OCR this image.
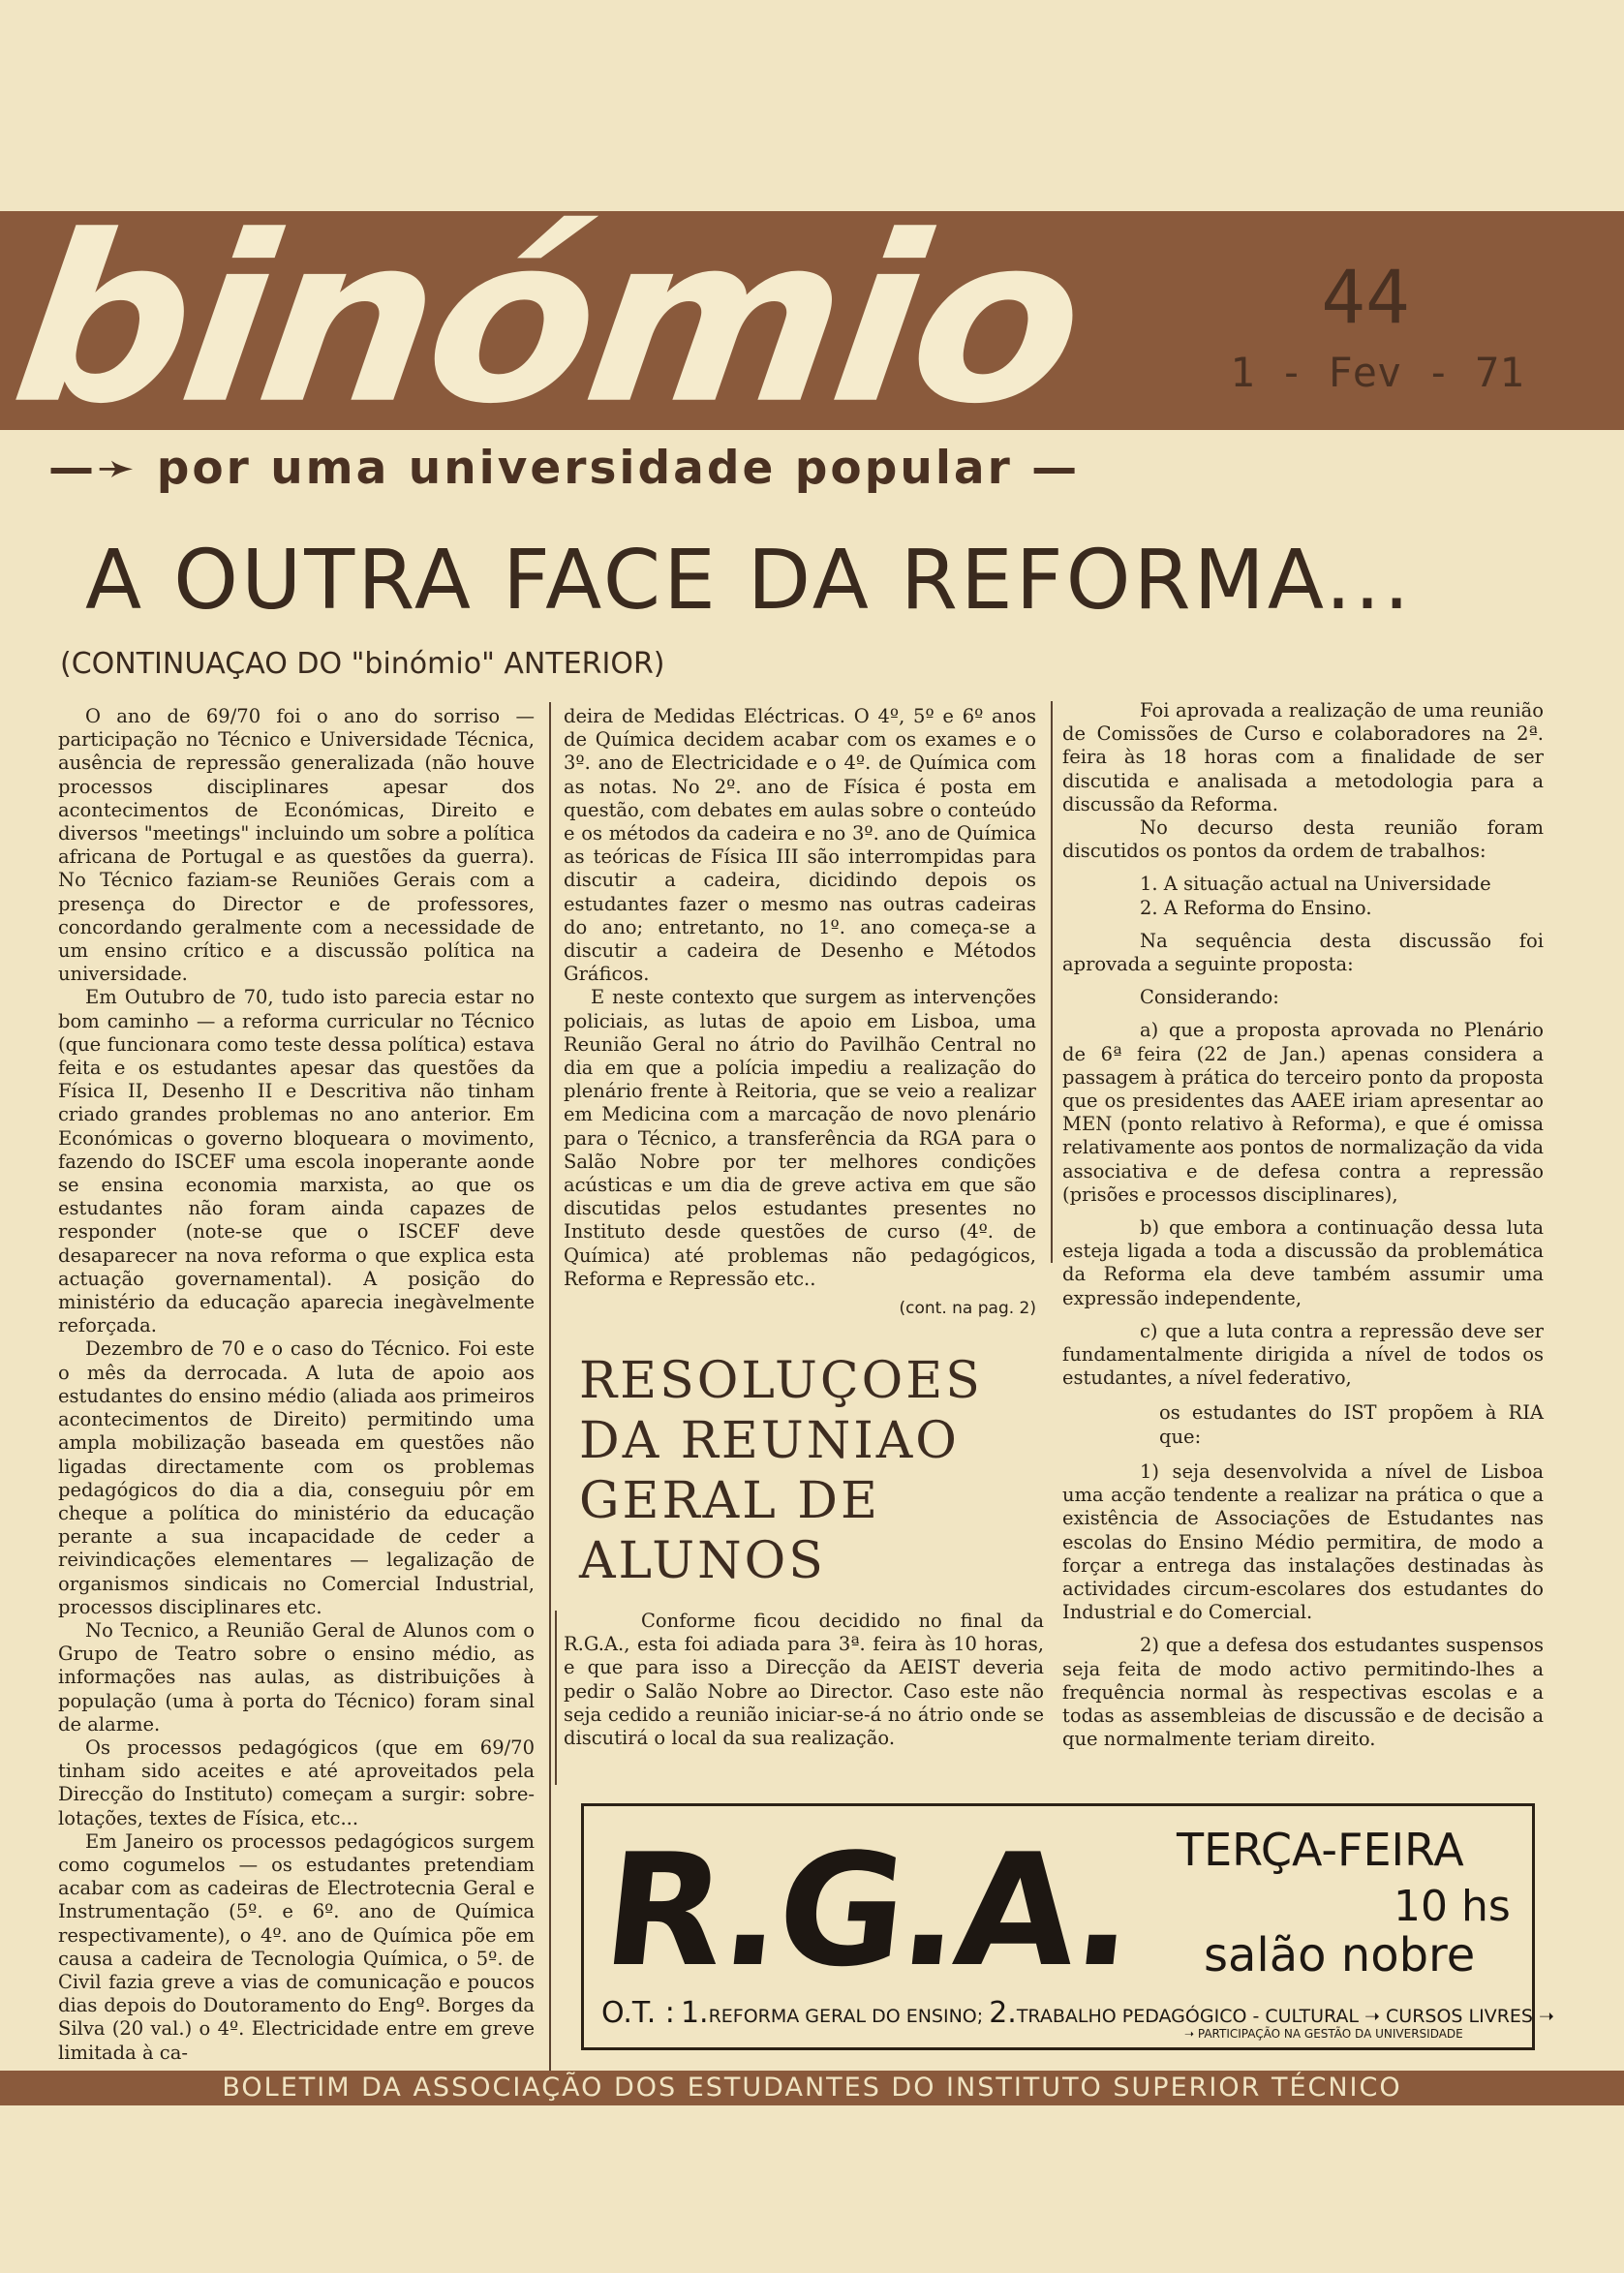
binómio	44
1 - Fev - 71
—➛ por uma universidade popular —
A OUTRA FACE DA REFORMA...
(CONTINUAÇAO DO "binómio" ANTERIOR)

O ano de 69/70 foi o ano do sorriso — participação no Técnico e Universidade Técnica, ausência de repressão generalizada (não houve processos disciplinares apesar dos acontecimentos de Económicas, Direito e diversos "meetings" incluindo um sobre a política africana de Portugal e as questões da guerra). No Técnico faziam-se Reuniões Gerais com a presença do Director e de professores, concordando geralmente com a necessidade de um ensino crítico e a discussão política na universidade.

Em Outubro de 70, tudo isto parecia estar no bom caminho — a reforma curricular no Técnico (que funcionara como teste dessa política) estava feita e os estudantes apesar das questões da Física II, Desenho II e Descritiva não tinham criado grandes problemas no ano anterior. Em Económicas o governo bloqueara o movimento, fazendo do ISCEF uma escola inoperante aonde se ensina economia marxista, ao que os estudantes não foram ainda capazes de responder (note-se que o ISCEF deve desaparecer na nova reforma o que explica esta actuação governamental). A posição do ministério da educação aparecia inegàvelmente reforçada.

Dezembro de 70 e o caso do Técnico. Foi este o mês da derrocada. A luta de apoio aos estudantes do ensino médio (aliada aos primeiros acontecimentos de Direito) permitindo uma ampla mobilização baseada em questões não ligadas directamente com os problemas pedagógicos do dia a dia, conseguiu pôr em cheque a política do ministério da educação perante a sua incapacidade de ceder a reivindicações elementares — legalização de organismos sindicais no Comercial Industrial, processos disciplinares etc.

No Tecnico, a Reunião Geral de Alunos com o Grupo de Teatro sobre o ensino médio, as informações nas aulas, as distribuições à população (uma à porta do Técnico) foram sinal de alarme.

Os processos pedagógicos (que em 69/70 tinham sido aceites e até aproveitados pela Direcção do Instituto) começam a surgir: sobre-lotações, textes de Física, etc...

Em Janeiro os processos pedagógicos surgem como cogumelos — os estudantes pretendiam acabar com as cadeiras de Electrotecnia Geral e Instrumentação (5º. e 6º. ano de Química respectivamente), o 4º. ano de Química põe em causa a cadeira de Tecnologia Química, o 5º. de Civil fazia greve a vias de comunicação e poucos dias depois do Doutoramento do Engº. Borges da Silva (20 val.) o 4º. Electricidade entre em greve limitada à ca-

deira de Medidas Eléctricas. O 4º, 5º e 6º anos de Química decidem acabar com os exames e o 3º. ano de Electricidade e o 4º. de Química com as notas. No 2º. ano de Física é posta em questão, com debates em aulas sobre o conteúdo e os métodos da cadeira e no 3º. ano de Química as teóricas de Física III são interrompidas para discutir a cadeira, dicidindo depois os estudantes fazer o mesmo nas outras cadeiras do ano; entretanto, no 1º. ano começa-se a discutir a cadeira de Desenho e Métodos Gráficos.

E neste contexto que surgem as intervenções policiais, as lutas de apoio em Lisboa, uma Reunião Geral no átrio do Pavilhão Central no dia em que a polícia impediu a realização do plenário frente à Reitoria, que se veio a realizar em Medicina com a marcação de novo plenário para o Técnico, a transferência da RGA para o Salão Nobre por ter melhores condições acústicas e um dia de greve activa em que são discutidas pelos estudantes presentes no Instituto desde questões de curso (4º. de Química) até problemas não pedagógicos, Reforma e Repressão etc..

(cont. na pag. 2)
RESOLUÇOES DA REUNIAO GERAL DE ALUNOS

Conforme ficou decidido no final da R.G.A., esta foi adiada para 3ª. feira às 10 horas, e que para isso a Direcção da AEIST deveria pedir o Salão Nobre ao Director. Caso este não seja cedido a reunião iniciar-se-á no átrio onde se discutirá o local da sua realização.

Foi aprovada a realização de uma reunião de Comissões de Curso e colaboradores na 2ª. feira às 18 horas com a finalidade de ser discutida e analisada a metodologia para a discussão da Reforma.

No decurso desta reunião foram discutidos os pontos da ordem de trabalhos:

1. A situação actual na Universidade

2. A Reforma do Ensino.

Na sequência desta discussão foi aprovada a seguinte proposta:

Considerando:

a) que a proposta aprovada no Plenário de 6ª feira (22 de Jan.) apenas considera a passagem à prática do terceiro ponto da proposta que os presidentes das AAEE iriam apresentar ao MEN (ponto relativo à Reforma), e que é omissa relativamente aos pontos de normalização da vida associativa e de defesa contra a repressão (prisões e processos disciplinares),

b) que embora a continuação dessa luta esteja ligada a toda a discussão da problemática da Reforma ela deve também assumir uma expressão independente,

c) que a luta contra a repressão deve ser fundamentalmente dirigida a nível de todos os estudantes, a nível federativo,

os estudantes do IST propõem à RIA que:

1) seja desenvolvida a nível de Lisboa uma acção tendente a realizar na prática o que a existência de Associações de Estudantes nas escolas do Ensino Médio permitira, de modo a forçar a entrega das instalações destinadas às actividades circum-escolares dos estudantes do Industrial e do Comercial.

2) que a defesa dos estudantes suspensos seja feita de modo activo permitindo-lhes a frequência normal às respectivas escolas e a todas as assembleias de discussão e de decisão a que normalmente teriam direito.

R.G.A. TERÇA-FEIRA
10 hs
salão nobre
O.T. : 1.REFORMA GERAL DO ENSINO; 2.TRABALHO PEDAGÓGICO - CULTURAL ➝ CURSOS LIVRES ➝
➝ PARTICIPAÇÃO NA GESTÃO DA UNIVERSIDADE
BOLETIM DA ASSOCIAÇÃO DOS ESTUDANTES DO INSTITUTO SUPERIOR TÉCNICO
